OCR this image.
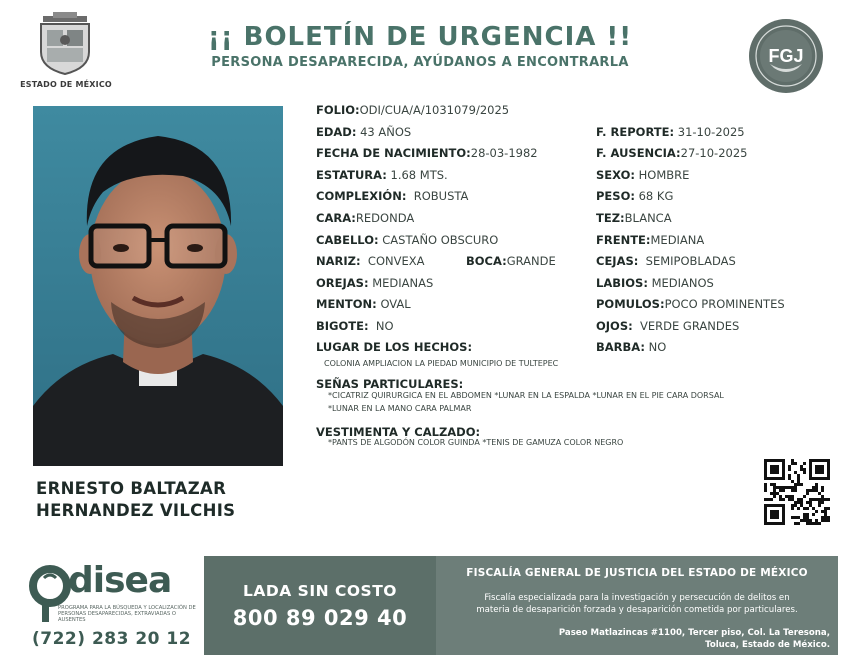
ESTADO DE MÉXICO
¡¡ BOLETÍN DE URGENCIA !!
PERSONA DESAPARECIDA, AYÚDANOS A ENCONTRARLA	FGJ
ERNESTO BALTAZAR
HERNANDEZ VILCHIS
FOLIO:ODI/CUA/A/1031079/2025
EDAD: 43 AÑOS	F. REPORTE: 31-10-2025
FECHA DE NACIMIENTO:28-03-1982	F. AUSENCIA:27-10-2025
ESTATURA: 1.68 MTS.	SEXO: HOMBRE
COMPLEXIÓN: ROBUSTA	PESO: 68 KG
CARA:REDONDA	TEZ:BLANCA
CABELLO: CASTAÑO OBSCURO	FRENTE:MEDIANA
NARIZ: CONVEXA	BOCA:GRANDE	CEJAS: SEMIPOBLADAS
OREJAS: MEDIANAS	LABIOS: MEDIANOS
MENTON: OVAL	POMULOS:POCO PROMINENTES
BIGOTE: NO	OJOS: VERDE GRANDES
LUGAR DE LOS HECHOS:	BARBA: NO
COLONIA AMPLIACION LA PIEDAD MUNICIPIO DE TULTEPEC
SEÑAS PARTICULARES:
*CICATRIZ QUIRURGICA EN EL ABDOMEN *LUNAR EN LA ESPALDA *LUNAR EN EL PIE CARA DORSAL
*LUNAR EN LA MANO CARA PALMAR
VESTIMENTA Y CALZADO:
*PANTS DE ALGODÓN COLOR GUINDA *TENIS DE GAMUZA COLOR NEGRO
disea
PROGRAMA PARA LA BÚSQUEDA Y LOCALIZACIÓN DE PERSONAS DESAPARECIDAS, EXTRAVIADAS O AUSENTES
(722) 283 20 12
LADA SIN COSTO
800 89 029 40
FISCALÍA GENERAL DE JUSTICIA DEL ESTADO DE MÉXICO
Fiscalía especializada para la investigación y persecución de delitos en
materia de desaparición forzada y desaparición cometida por particulares.
Paseo Matlazincas #1100, Tercer piso, Col. La Teresona,
Toluca, Estado de México.
